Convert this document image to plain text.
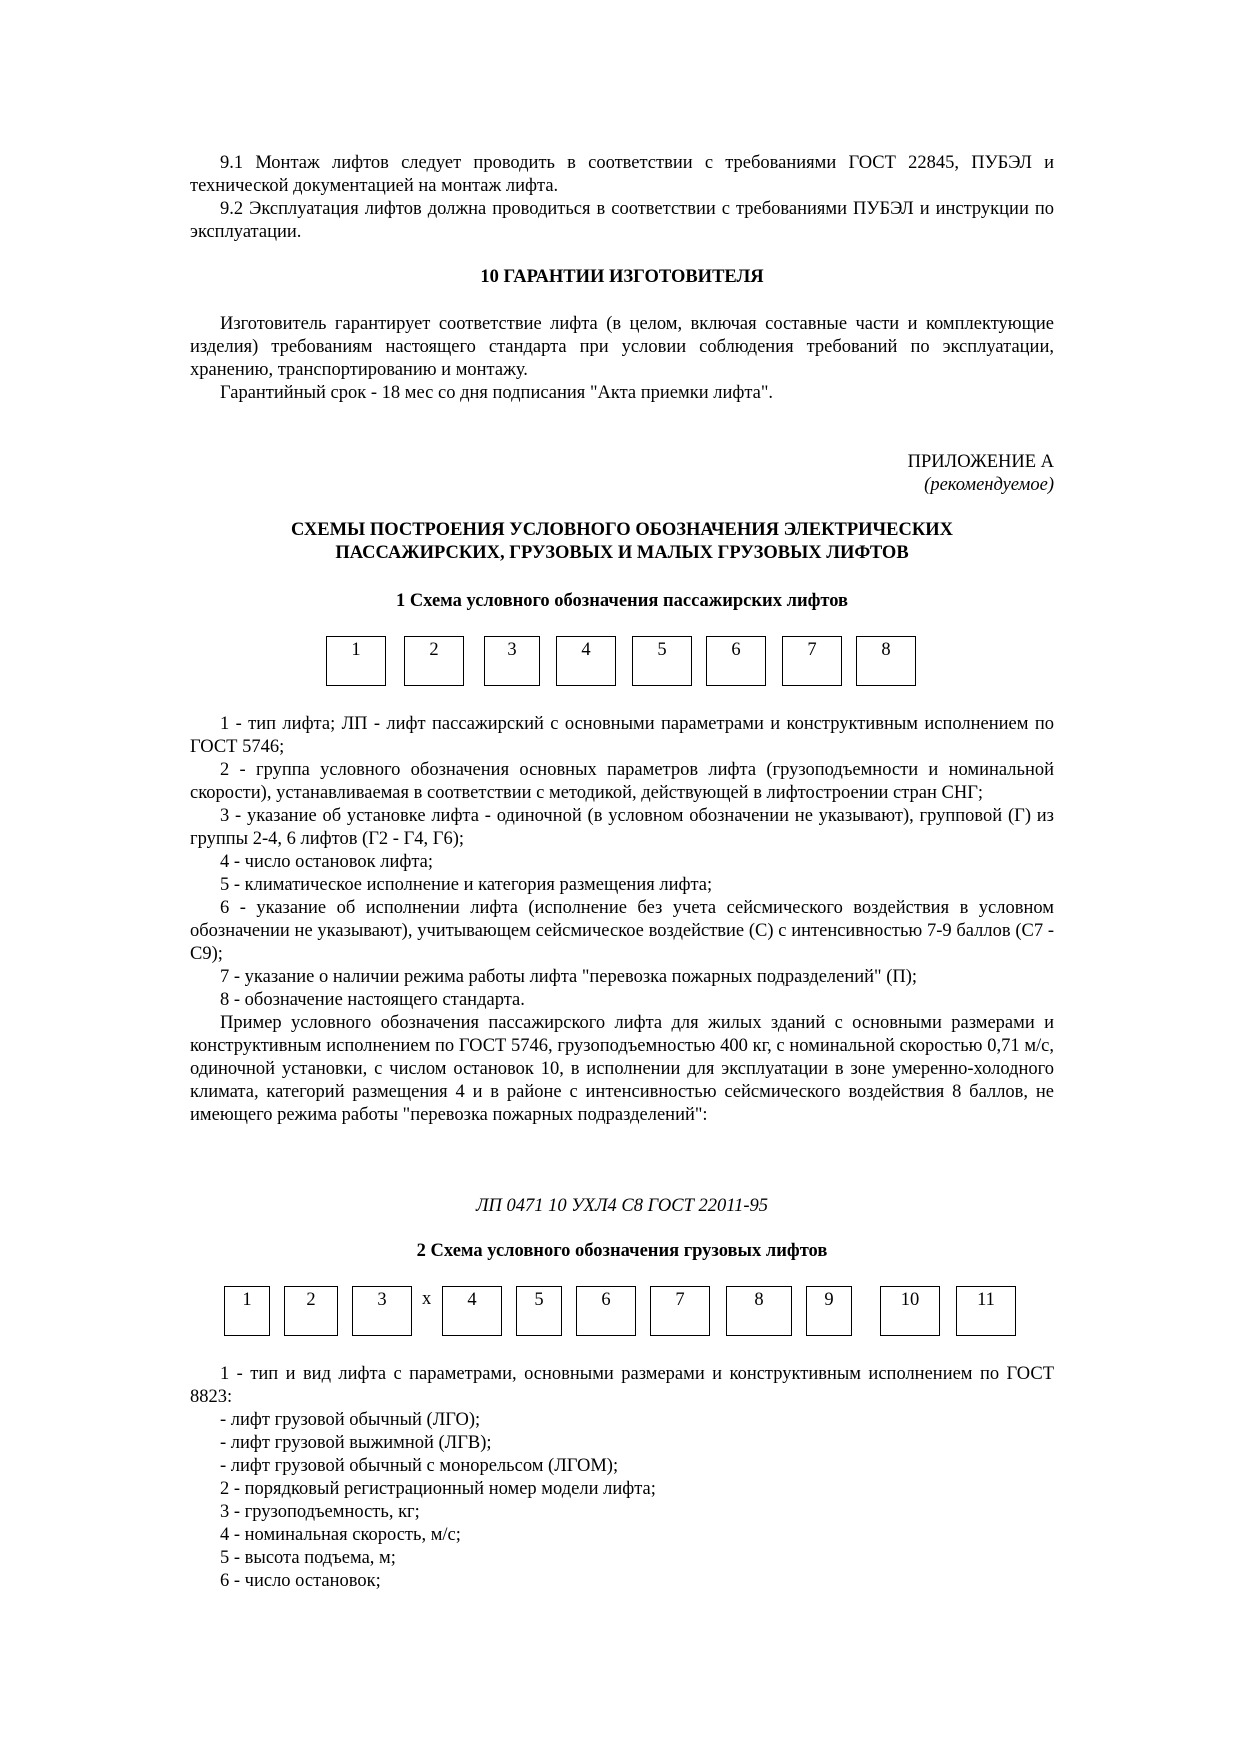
9.1 Монтаж лифтов следует проводить в соответствии с требованиями ГОСТ 22845, ПУБЭЛ и технической документацией на монтаж лифта.

9.2 Эксплуатация лифтов должна проводиться в соответствии с требованиями ПУБЭЛ и инструкции по эксплуатации.

10 ГАРАНТИИ ИЗГОТОВИТЕЛЯ

Изготовитель гарантирует соответствие лифта (в целом, включая составные части и комплектующие изделия) требованиям настоящего стандарта при условии соблюдения требований по эксплуатации, хранению, транспортированию и монтажу.

Гарантийный срок - 18 мес со дня подписания "Акта приемки лифта".

ПРИЛОЖЕНИЕ А

(рекомендуемое)

СХЕМЫ ПОСТРОЕНИЯ УСЛОВНОГО ОБОЗНАЧЕНИЯ ЭЛЕКТРИЧЕСКИХ

ПАССАЖИРСКИХ, ГРУЗОВЫХ И МАЛЫХ ГРУЗОВЫХ ЛИФТОВ

1 Схема условного обозначения пассажирских лифтов

1	2	3	4	5	6	7	8

1 - тип лифта; ЛП - лифт пассажирский с основными параметрами и конструктивным исполнением по ГОСТ 5746;

2 - группа условного обозначения основных параметров лифта (грузоподъемности и номинальной скорости), устанавливаемая в соответствии с методикой, действующей в лифтостроении стран СНГ;

3 - указание об установке лифта - одиночной (в условном обозначении не указывают), групповой (Г) из группы 2-4, 6 лифтов (Г2 - Г4, Г6);

4 - число остановок лифта;

5 - климатическое исполнение и категория размещения лифта;

6 - указание об исполнении лифта (исполнение без учета сейсмического воздействия в условном обозначении не указывают), учитывающем сейсмическое воздействие (С) с интенсивностью 7-9 баллов (С7 - С9);

7 - указание о наличии режима работы лифта "перевозка пожарных подразделений" (П);

8 - обозначение настоящего стандарта.

Пример условного обозначения пассажирского лифта для жилых зданий с основными размерами и конструктивным исполнением по ГОСТ 5746, грузоподъемностью 400 кг, с номинальной скоростью 0,71 м/с, одиночной установки, с числом остановок 10, в исполнении для эксплуатации в зоне умеренно-холодного климата, категорий размещения 4 и в районе с интенсивностью сейсмического воздействия 8 баллов, не имеющего режима работы "перевозка пожарных подразделений":

ЛП 0471 10 УХЛ4 С8 ГОСТ 22011-95

2 Схема условного обозначения грузовых лифтов

1	2	3	х	4	5	6	7	8	9	10	11

1 - тип и вид лифта с параметрами, основными размерами и конструктивным исполнением по ГОСТ 8823:

- лифт грузовой обычный (ЛГО);

- лифт грузовой выжимной (ЛГВ);

- лифт грузовой обычный с монорельсом (ЛГОМ);

2 - порядковый регистрационный номер модели лифта;

3 - грузоподъемность, кг;

4 - номинальная скорость, м/с;

5 - высота подъема, м;

6 - число остановок;
